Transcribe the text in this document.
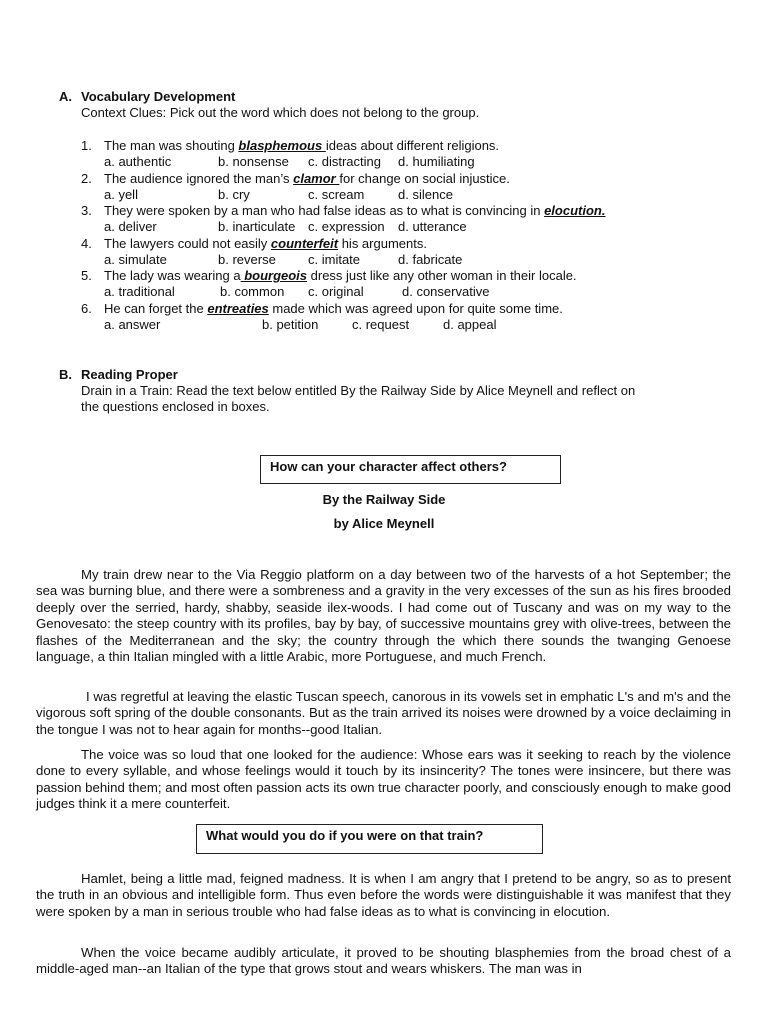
A. Vocabulary Development
Context Clues: Pick out the word which does not belong to the group.
1. The man was shouting blasphemous ideas about different religions.
a. authentic	b. nonsense c. distracting d. humiliating
2. The audience ignored the man’s clamor for change on social injustice.
a. yell	b. cry	c. scream	d. silence
3. They were spoken by a man who had false ideas as to what is convincing in elocution.
a. deliver	b. inarticulate c. expression d. utterance
4. The lawyers could not easily counterfeit his arguments.
a. simulate	b. reverse c. imitate	d. fabricate
5. The lady was wearing a bourgeois dress just like any other woman in their locale.
a. traditional	b. common c. original	d. conservative
6. He can forget the entreaties made which was agreed upon for quite some time.
a. answer	b. petition	c. request	d. appeal
B. Reading Proper
Drain in a Train: Read the text below entitled By the Railway Side by Alice Meynell and reflect on
the questions enclosed in boxes.
How can your character affect others?
By the Railway Side
by Alice Meynell
My train drew near to the Via Reggio platform on a day between two of the harvests of a hot September; the sea was burning blue, and there were a sombreness and a gravity in the very excesses of the sun as his fires brooded deeply over the serried, hardy, shabby, seaside ilex-woods. I had come out of Tuscany and was on my way to the Genovesato: the steep country with its profiles, bay by bay, of successive mountains grey with olive-trees, between the flashes of the Mediterranean and the sky; the country through the which there sounds the twanging Genoese language, a thin Italian mingled with a little Arabic, more Portuguese, and much French.
I was regretful at leaving the elastic Tuscan speech, canorous in its vowels set in emphatic L's and m's and the vigorous soft spring of the double consonants. But as the train arrived its noises were drowned by a voice declaiming in the tongue I was not to hear again for months--good Italian.
The voice was so loud that one looked for the audience: Whose ears was it seeking to reach by the violence done to every syllable, and whose feelings would it touch by its insincerity? The tones were insincere, but there was passion behind them; and most often passion acts its own true character poorly, and consciously enough to make good judges think it a mere counterfeit.
What would you do if you were on that train?
Hamlet, being a little mad, feigned madness. It is when I am angry that I pretend to be angry, so as to present the truth in an obvious and intelligible form. Thus even before the words were distinguishable it was manifest that they were spoken by a man in serious trouble who had false ideas as to what is convincing in elocution.
When the voice became audibly articulate, it proved to be shouting blasphemies from the broad chest of a middle-aged man--an Italian of the type that grows stout and wears whiskers. The man was in
